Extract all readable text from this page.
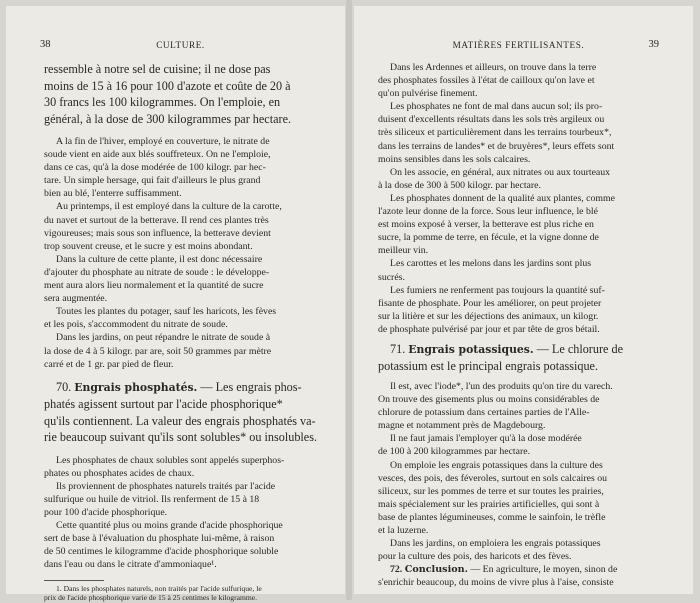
38	CULTURE.

ressemble à notre sel de cuisine; il ne dose pas
moins de 15 à 16 pour 100 d'azote et coûte de 20 à
30 francs les 100 kilogrammes. On l'emploie, en
général, à la dose de 300 kilogrammes par hectare.

A la fin de l'hiver, employé en couverture, le nitrate de
soude vient en aide aux blés souffreteux. On ne l'emploie,
dans ce cas, qu'à la dose modérée de 100 kilogr. par hec-
tare. Un simple hersage, qui fait d'ailleurs le plus grand
bien au blé, l'enterre suffisamment.

Au printemps, il est employé dans la culture de la carotte,
du navet et surtout de la betterave. Il rend ces plantes très
vigoureuses; mais sous son influence, la betterave devient
trop souvent creuse, et le sucre y est moins abondant.

Dans la culture de cette plante, il est donc nécessaire
d'ajouter du phosphate au nitrate de soude : le développe-
ment aura alors lieu normalement et la quantité de sucre
sera augmentée.

Toutes les plantes du potager, sauf les haricots, les fèves
et les pois, s'accommodent du nitrate de soude.

Dans les jardins, on peut répandre le nitrate de soude à
la dose de 4 à 5 kilogr. par are, soit 50 grammes par mètre
carré et de 1 gr. par pied de fleur.

70. Engrais phosphatés. — Les engrais phos-
phatés agissent surtout par l'acide phosphorique*
qu'ils contiennent. La valeur des engrais phosphatés va-
rie beaucoup suivant qu'ils sont solubles* ou insolubles.

Les phosphates de chaux solubles sont appelés superphos-
phates ou phosphates acides de chaux.

Ils proviennent de phosphates naturels traités par l'acide
sulfurique ou huile de vitriol. Ils renferment de 15 à 18
pour 100 d'acide phosphorique.

Cette quantité plus ou moins grande d'acide phosphorique
sert de base à l'évaluation du phosphate lui-même, à raison
de 50 centimes le kilogramme d'acide phosphorique soluble
dans l'eau ou dans le citrate d'ammoniaque¹.

1. Dans les phosphates naturels, non traités par l'acide sulfurique, le
prix de l'acide phosphorique varie de 15 à 25 centimes le kilogramme.

MATIÈRES FERTILISANTES.	39

Dans les Ardennes et ailleurs, on trouve dans la terre
des phosphates fossiles à l'état de cailloux qu'on lave et
qu'on pulvérise finement.

Les phosphates ne font de mal dans aucun sol; ils pro-
duisent d'excellents résultats dans les sols très argileux ou
très siliceux et particulièrement dans les terrains tourbeux*,
dans les terrains de landes* et de bruyères*, leurs effets sont
moins sensibles dans les sols calcaires.

On les associe, en général, aux nitrates ou aux tourteaux
à la dose de 300 à 500 kilogr. par hectare.

Les phosphates donnent de la qualité aux plantes, comme
l'azote leur donne de la force. Sous leur influence, le blé
est moins exposé à verser, la betterave est plus riche en
sucre, la pomme de terre, en fécule, et la vigne donne de
meilleur vin.

Les carottes et les melons dans les jardins sont plus
sucrés.

Les fumiers ne renferment pas toujours la quantité suf-
fisante de phosphate. Pour les améliorer, on peut projeter
sur la litière et sur les déjections des animaux, un kilogr.
de phosphate pulvérisé par jour et par tête de gros bétail.

71. Engrais potassiques. — Le chlorure de
potassium est le principal engrais potassique.

Il est, avec l'iode*, l'un des produits qu'on tire du varech.
On trouve des gisements plus ou moins considérables de
chlorure de potassium dans certaines parties de l'Alle-
magne et notamment près de Magdebourg.

Il ne faut jamais l'employer qu'à la dose modérée
de 100 à 200 kilogrammes par hectare.

On emploie les engrais potassiques dans la culture des
vesces, des pois, des féveroles, surtout en sols calcaires ou
siliceux, sur les pommes de terre et sur toutes les prairies,
mais spécialement sur les prairies artificielles, qui sont à
base de plantes légumineuses, comme le sainfoin, le trèfle
et la luzerne.

Dans les jardins, on emploiera les engrais potassiques
pour la culture des pois, des haricots et des fèves.

72. Conclusion. — En agriculture, le moyen, sinon de
s'enrichir beaucoup, du moins de vivre plus à l'aise, consiste
